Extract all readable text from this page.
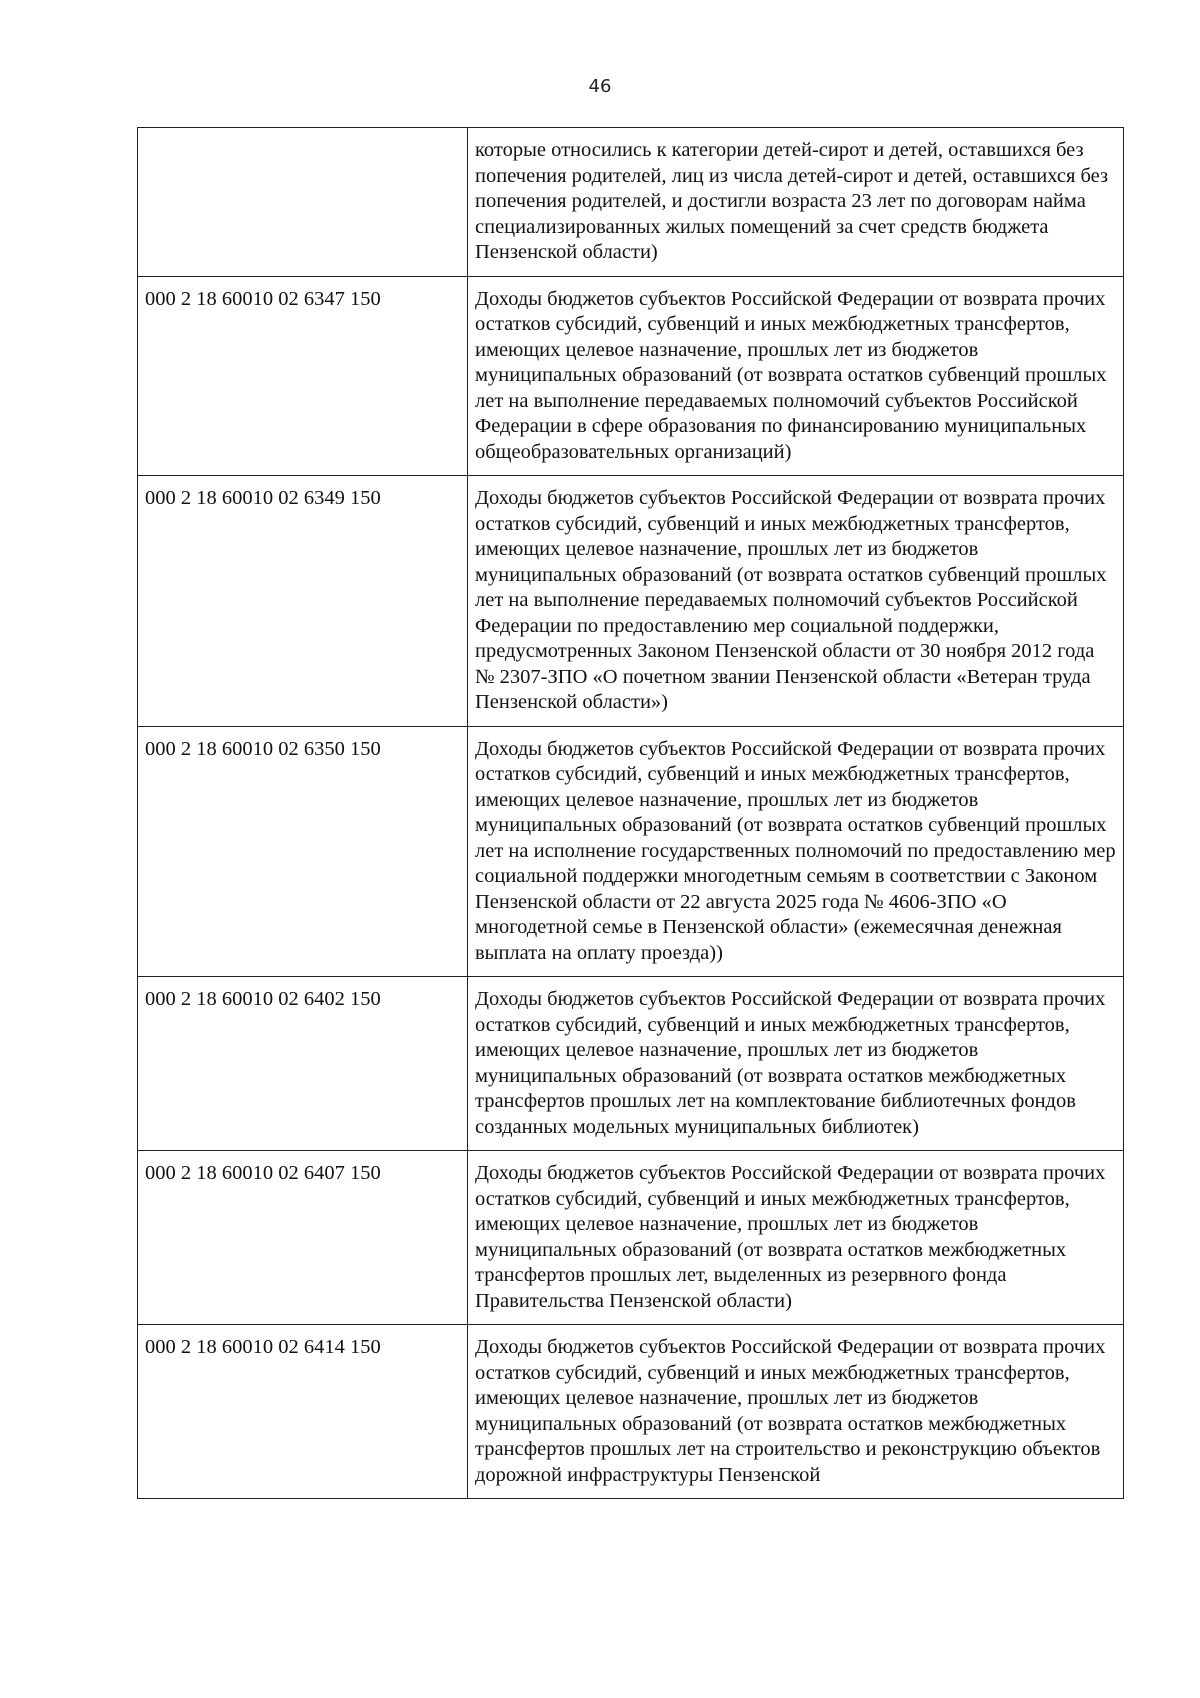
46
	которые относились к категории детей-сирот и детей, оставшихся без попечения родителей, лиц из числа детей-сирот и детей, оставшихся без попечения родителей, и достигли возраста 23 лет по договорам найма специализированных жилых помещений за счет средств бюджета Пензенской области)
000 2 18 60010 02 6347 150	Доходы бюджетов субъектов Российской Федерации от возврата прочих остатков субсидий, субвенций и иных межбюджетных трансфертов, имеющих целевое назначение, прошлых лет из бюджетов муниципальных образований (от возврата остатков субвенций прошлых лет на выполнение передаваемых полномочий субъектов Российской Федерации в сфере образования по финансированию муниципальных общеобразовательных организаций)
000 2 18 60010 02 6349 150	Доходы бюджетов субъектов Российской Федерации от возврата прочих остатков субсидий, субвенций и иных межбюджетных трансфертов, имеющих целевое назначение, прошлых лет из бюджетов муниципальных образований (от возврата остатков субвенций прошлых лет на выполнение передаваемых полномочий субъектов Российской Федерации по предоставлению мер социальной поддержки, предусмотренных Законом Пензенской области от 30 ноября 2012 года № 2307-ЗПО «О почетном звании Пензенской области «Ветеран труда Пензенской области»)
000 2 18 60010 02 6350 150	Доходы бюджетов субъектов Российской Федерации от возврата прочих остатков субсидий, субвенций и иных межбюджетных трансфертов, имеющих целевое назначение, прошлых лет из бюджетов муниципальных образований (от возврата остатков субвенций прошлых лет на исполнение государственных полномочий по предоставлению мер социальной поддержки многодетным семьям в соответствии с Законом Пензенской области от 22 августа 2025 года № 4606-ЗПО «О многодетной семье в Пензенской области» (ежемесячная денежная выплата на оплату проезда))
000 2 18 60010 02 6402 150	Доходы бюджетов субъектов Российской Федерации от возврата прочих остатков субсидий, субвенций и иных межбюджетных трансфертов, имеющих целевое назначение, прошлых лет из бюджетов муниципальных образований (от возврата остатков межбюджетных трансфертов прошлых лет на комплектование библиотечных фондов созданных модельных муниципальных библиотек)
000 2 18 60010 02 6407 150	Доходы бюджетов субъектов Российской Федерации от возврата прочих остатков субсидий, субвенций и иных межбюджетных трансфертов, имеющих целевое назначение, прошлых лет из бюджетов муниципальных образований (от возврата остатков межбюджетных трансфертов прошлых лет, выделенных из резервного фонда Правительства Пензенской области)
000 2 18 60010 02 6414 150	Доходы бюджетов субъектов Российской Федерации от возврата прочих остатков субсидий, субвенций и иных межбюджетных трансфертов, имеющих целевое назначение, прошлых лет из бюджетов муниципальных образований (от возврата остатков межбюджетных трансфертов прошлых лет на строительство и реконструкцию объектов дорожной инфраструктуры Пензенской
